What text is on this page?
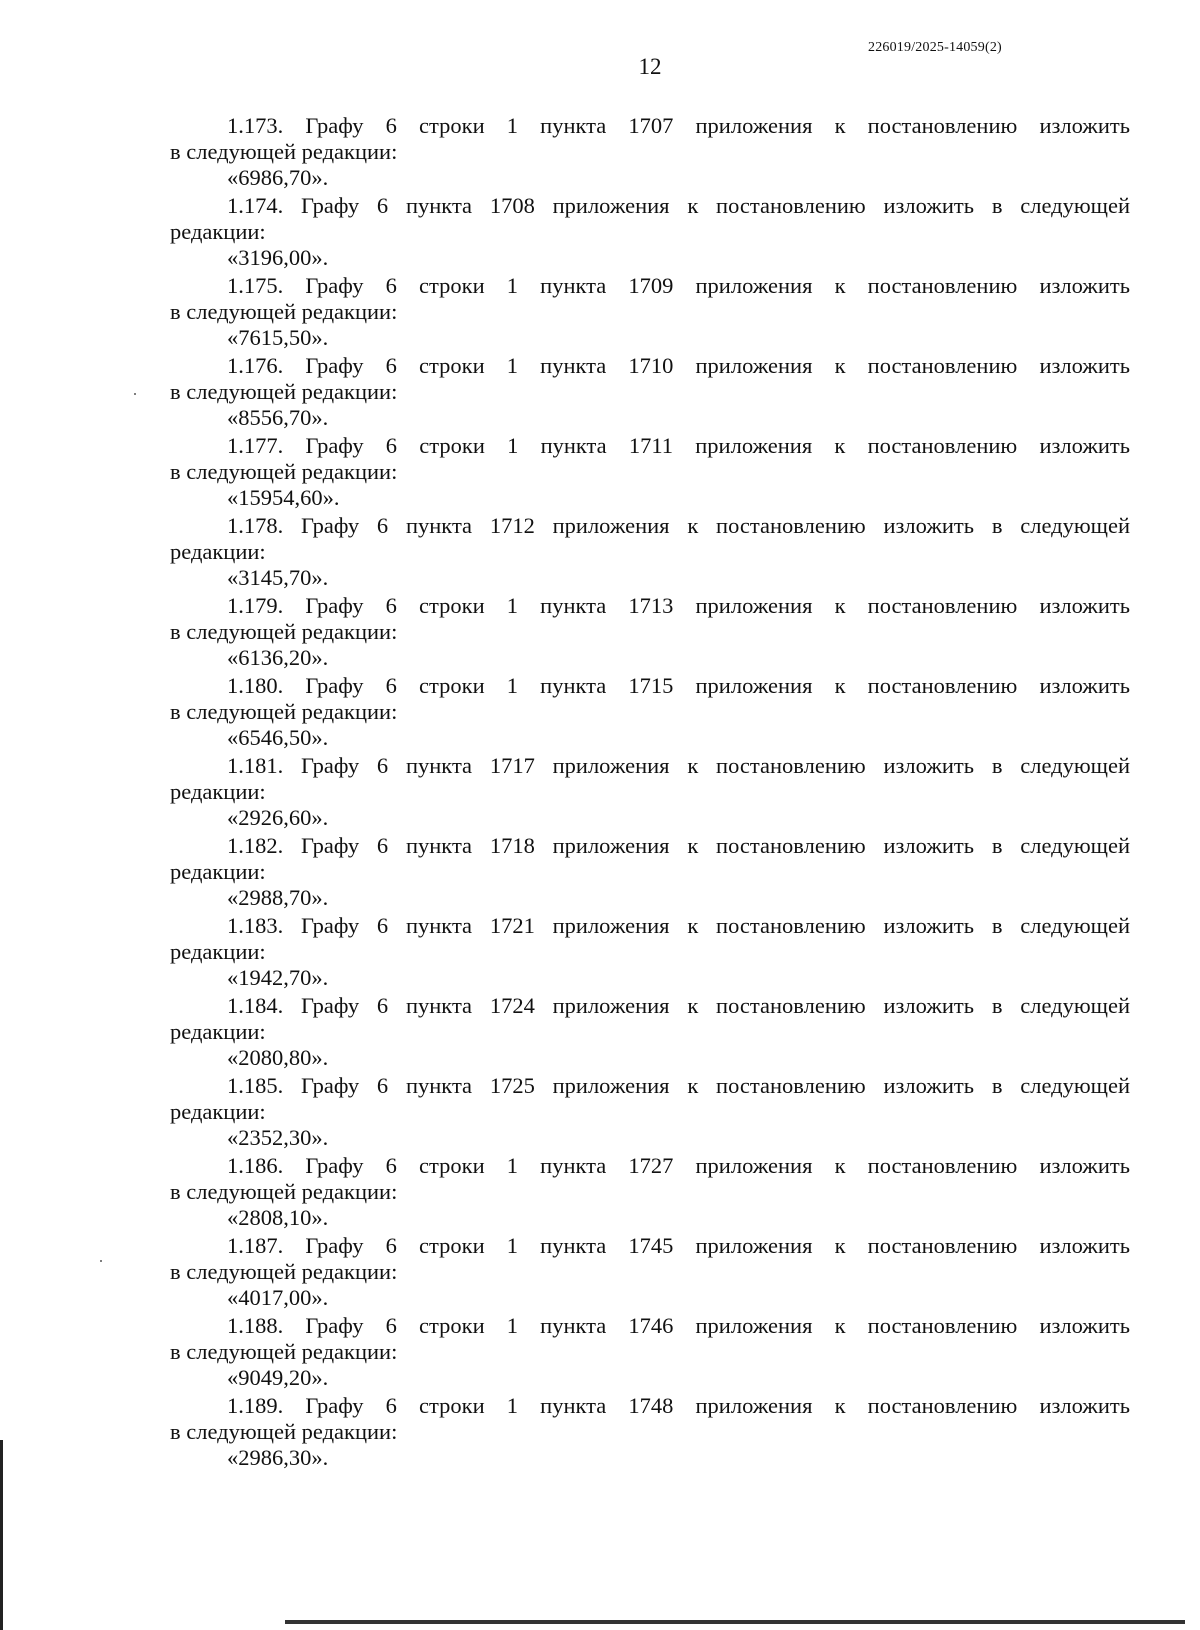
226019/2025-14059(2)
12
1.173. Графу 6 строки 1 пункта 1707 приложения к постановлению изложить
в следующей редакции:
«6986,70».
1.174. Графу 6 пункта 1708 приложения к постановлению изложить в следующей
редакции:
«3196,00».
1.175. Графу 6 строки 1 пункта 1709 приложения к постановлению изложить
в следующей редакции:
«7615,50».
1.176. Графу 6 строки 1 пункта 1710 приложения к постановлению изложить
в следующей редакции:
«8556,70».
1.177. Графу 6 строки 1 пункта 1711 приложения к постановлению изложить
в следующей редакции:
«15954,60».
1.178. Графу 6 пункта 1712 приложения к постановлению изложить в следующей
редакции:
«3145,70».
1.179. Графу 6 строки 1 пункта 1713 приложения к постановлению изложить
в следующей редакции:
«6136,20».
1.180. Графу 6 строки 1 пункта 1715 приложения к постановлению изложить
в следующей редакции:
«6546,50».
1.181. Графу 6 пункта 1717 приложения к постановлению изложить в следующей
редакции:
«2926,60».
1.182. Графу 6 пункта 1718 приложения к постановлению изложить в следующей
редакции:
«2988,70».
1.183. Графу 6 пункта 1721 приложения к постановлению изложить в следующей
редакции:
«1942,70».
1.184. Графу 6 пункта 1724 приложения к постановлению изложить в следующей
редакции:
«2080,80».
1.185. Графу 6 пункта 1725 приложения к постановлению изложить в следующей
редакции:
«2352,30».
1.186. Графу 6 строки 1 пункта 1727 приложения к постановлению изложить
в следующей редакции:
«2808,10».
1.187. Графу 6 строки 1 пункта 1745 приложения к постановлению изложить
в следующей редакции:
«4017,00».
1.188. Графу 6 строки 1 пункта 1746 приложения к постановлению изложить
в следующей редакции:
«9049,20».
1.189. Графу 6 строки 1 пункта 1748 приложения к постановлению изложить
в следующей редакции:
«2986,30».
